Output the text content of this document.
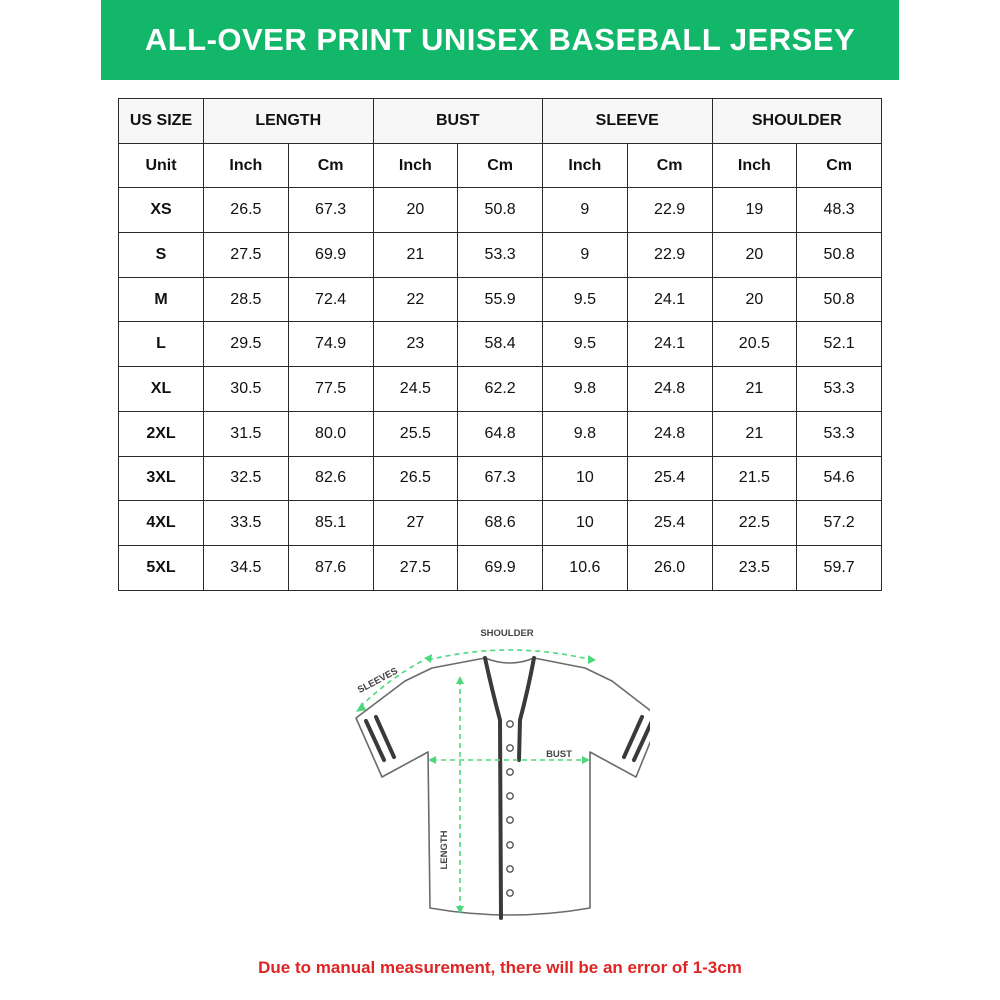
ALL-OVER PRINT UNISEX BASEBALL JERSEY
US SIZE	LENGTH		BUST		SLEEVE		SHOULDER	
Unit	Inch	Cm	Inch	Cm	Inch	Cm	Inch	Cm
XS	26.5	67.3	20	50.8	9	22.9	19	48.3
S	27.5	69.9	21	53.3	9	22.9	20	50.8
M	28.5	72.4	22	55.9	9.5	24.1	20	50.8
L	29.5	74.9	23	58.4	9.5	24.1	20.5	52.1
XL	30.5	77.5	24.5	62.2	9.8	24.8	21	53.3
2XL	31.5	80.0	25.5	64.8	9.8	24.8	21	53.3
3XL	32.5	82.6	26.5	67.3	10	25.4	21.5	54.6
4XL	33.5	85.1	27	68.6	10	25.4	22.5	57.2
5XL	34.5	87.6	27.5	69.9	10.6	26.0	23.5	59.7
SHOULDER
SLEEVES
BUST
LENGTH
Due to manual measurement, there will be an error of 1-3cm
